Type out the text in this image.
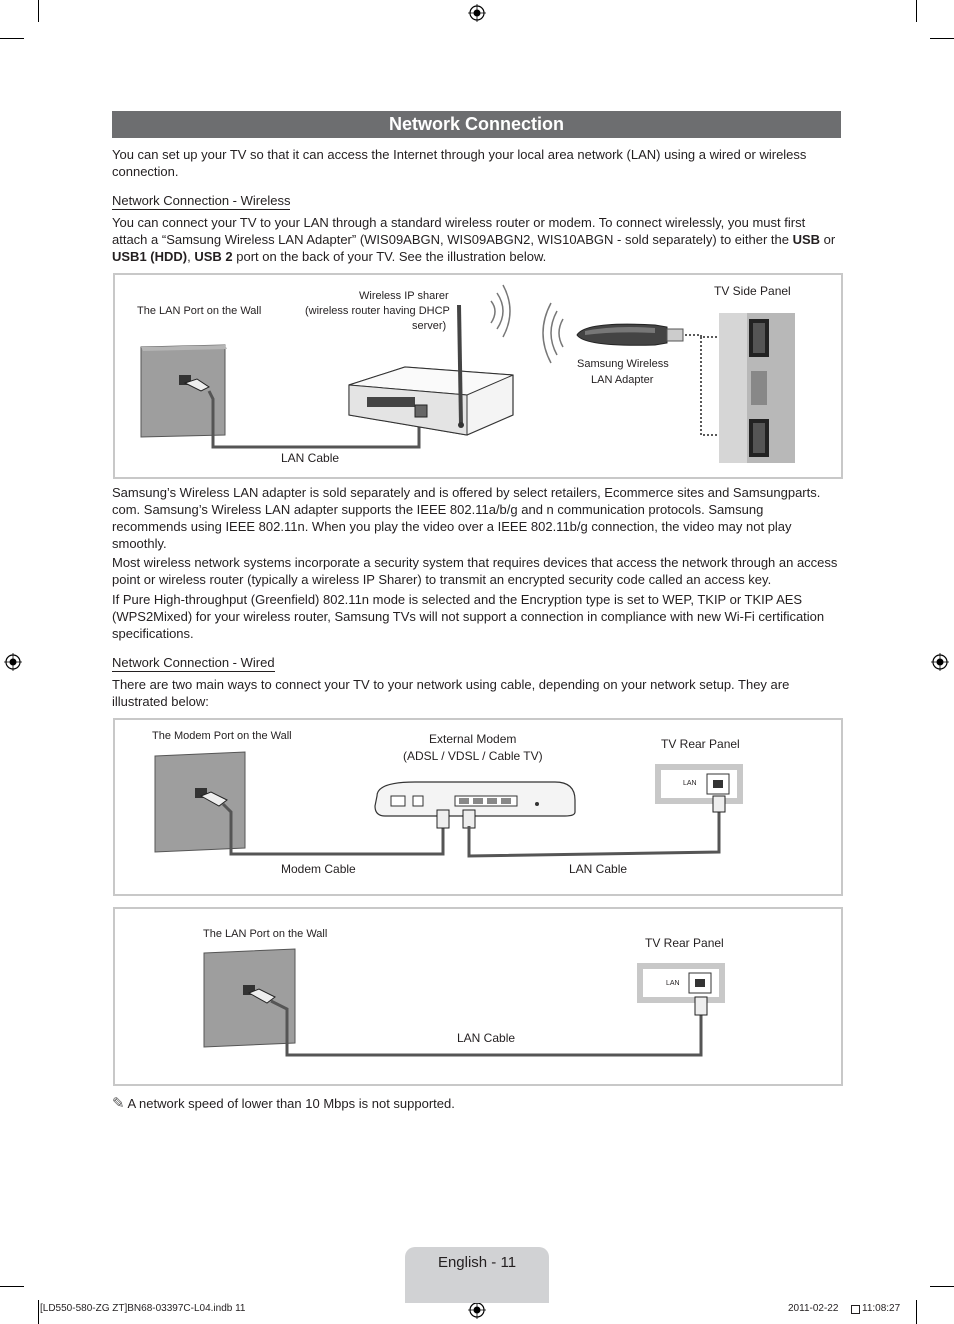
Network Connection

You can set up your TV so that it can access the Internet through your local area network (LAN) using a wired or wireless connection.

Network Connection - Wireless

You can connect your TV to your LAN through a standard wireless router or modem. To connect wirelessly, you must first attach a “Samsung Wireless LAN Adapter” (WIS09ABGN, WIS09ABGN2, WIS10ABGN - sold separately) to either the USB or USB1 (HDD), USB 2 port on the back of your TV. See the illustration below.

The LAN Port on the Wall
Wireless IP sharer
(wireless router having DHCP
server)
TV Side Panel
Samsung Wireless
LAN Adapter
LAN Cable

Samsung’s Wireless LAN adapter is sold separately and is offered by select retailers, Ecommerce sites and Samsungparts. com. Samsung’s Wireless LAN adapter supports the IEEE 802.11a/b/g and n communication protocols. Samsung recommends using IEEE 802.11n. When you play the video over a IEEE 802.11b/g connection, the video may not play smoothly.

Most wireless network systems incorporate a security system that requires devices that access the network through an access point or wireless router (typically a wireless IP Sharer) to transmit an encrypted security code called an access key.

If Pure High-throughput (Greenfield) 802.11n mode is selected and the Encryption type is set to WEP, TKIP or TKIP AES (WPS2Mixed) for your wireless router, Samsung TVs will not support a connection in compliance with new Wi-Fi certification specifications.

Network Connection - Wired

There are two main ways to connect your TV to your network using cable, depending on your network setup. They are illustrated below:

The Modem Port on the Wall	External Modem
(ADSL / VDSL / Cable TV)
TV Rear Panel
LAN
Modem Cable	LAN Cable
The LAN Port on the Wall
TV Rear Panel
LAN
LAN Cable
✎ A network speed of lower than 10 Mbps is not supported.
English - 11
[LD550-580-ZG ZT]BN68-03397C-L04.indb 11	2011-02-22 11:08:27
